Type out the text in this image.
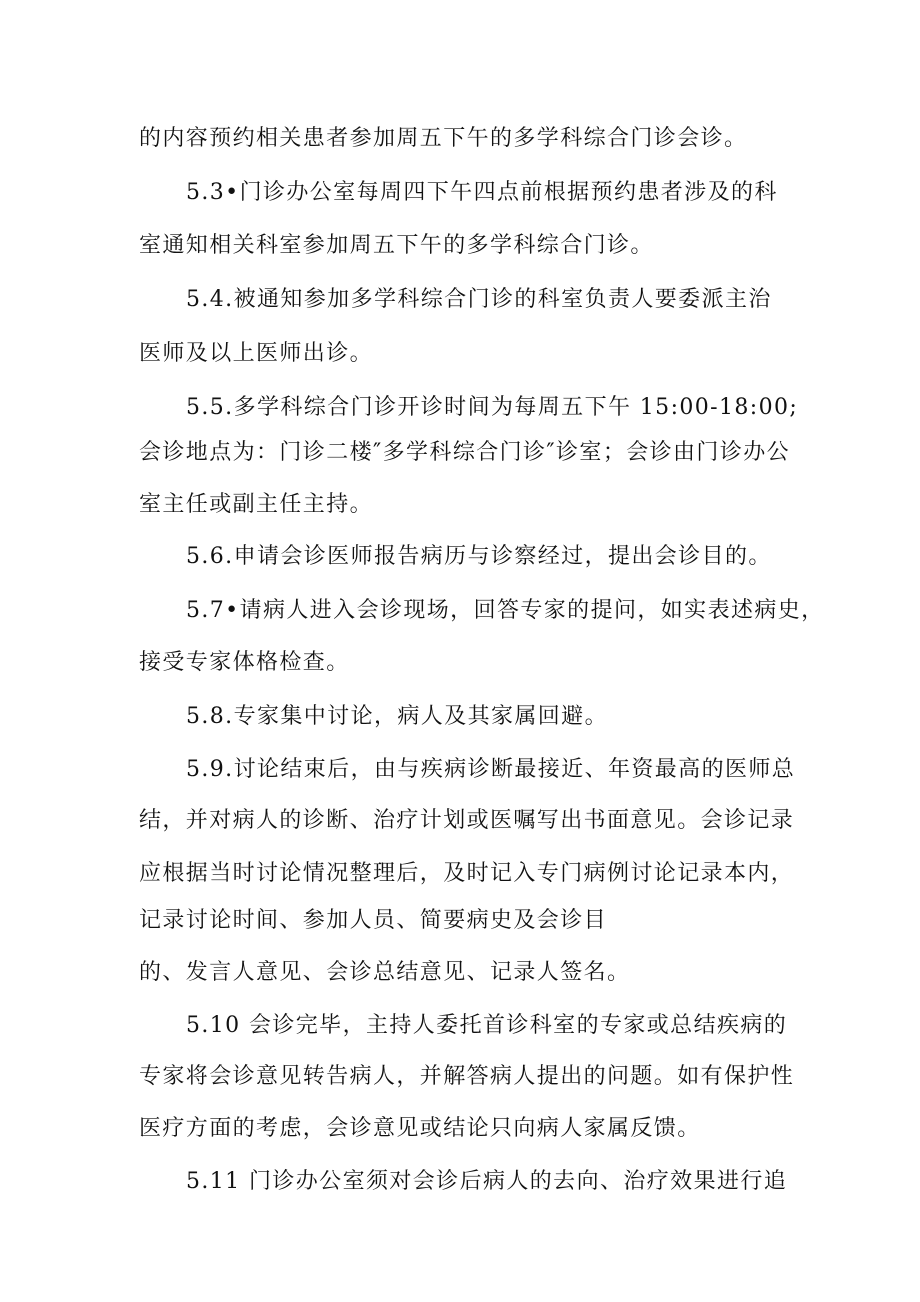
的内容预约相关患者参加周五下午的多学科综合门诊会诊。

5.3•门诊办公室每周四下午四点前根据预约患者涉及的科

室通知相关科室参加周五下午的多学科综合门诊。

5.4.被通知参加多学科综合门诊的科室负责人要委派主治

医师及以上医师出诊。

5.5.多学科综合门诊开诊时间为每周五下午 15:00-18:00;

会诊地点为：门诊二楼″多学科综合门诊″诊室；会诊由门诊办公

室主任或副主任主持。

5.6.申请会诊医师报告病历与诊察经过，提出会诊目的。

5.7•请病人进入会诊现场，回答专家的提问，如实表述病史，

接受专家体格检查。

5.8.专家集中讨论，病人及其家属回避。

5.9.讨论结束后，由与疾病诊断最接近、年资最高的医师总

结，并对病人的诊断、治疗计划或医嘱写出书面意见。会诊记录

应根据当时讨论情况整理后，及时记入专门病例讨论记录本内，

记录讨论时间、参加人员、简要病史及会诊目

的、发言人意见、会诊总结意见、记录人签名。

5.10 会诊完毕，主持人委托首诊科室的专家或总结疾病的

专家将会诊意见转告病人，并解答病人提出的问题。如有保护性

医疗方面的考虑，会诊意见或结论只向病人家属反馈。

5.11 门诊办公室须对会诊后病人的去向、治疗效果进行追
